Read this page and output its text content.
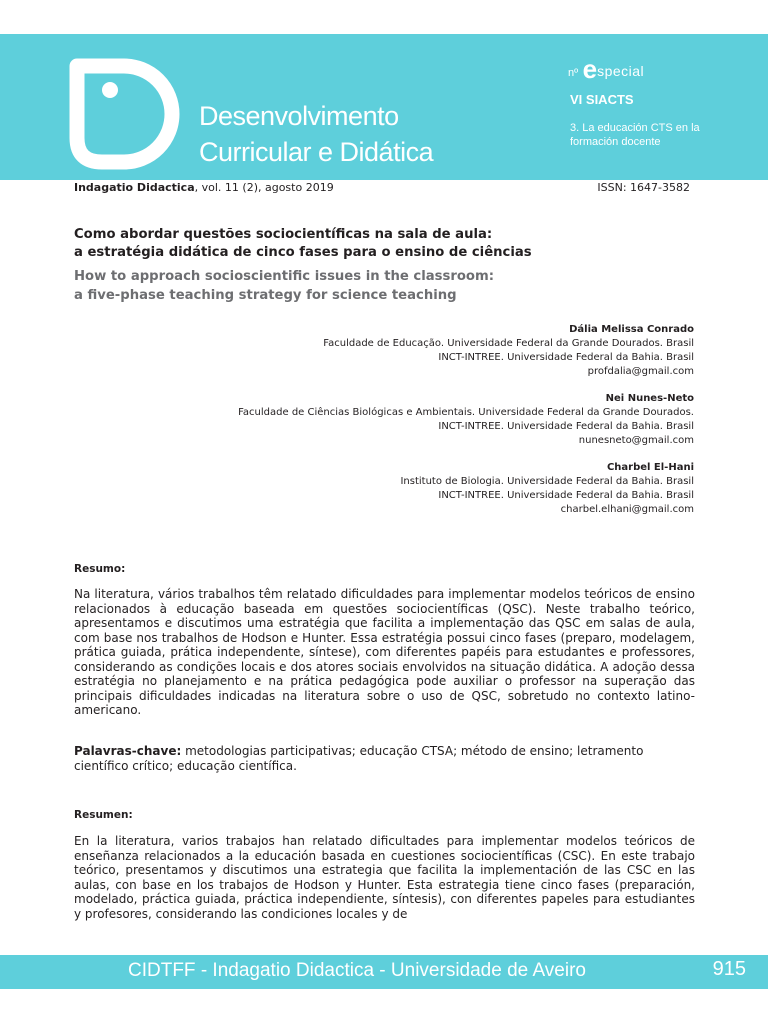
Desenvolvimento
Curricular e Didática
nº especial
VI SIACTS
3. La educación CTS en la formación docente
Indagatio Didactica, vol. 11 (2), agosto 2019	ISSN: 1647-3582
Como abordar questões sociocientíficas na sala de aula:
a estratégia didática de cinco fases para o ensino de ciências
How to approach socioscientific issues in the classroom:
a five-phase teaching strategy for science teaching
Dália Melissa Conrado
Faculdade de Educação. Universidade Federal da Grande Dourados. Brasil
INCT-INTREE. Universidade Federal da Bahia. Brasil
profdalia@gmail.com
Nei Nunes-Neto
Faculdade de Ciências Biológicas e Ambientais. Universidade Federal da Grande Dourados.
INCT-INTREE. Universidade Federal da Bahia. Brasil
nunesneto@gmail.com
Charbel El-Hani
Instituto de Biologia. Universidade Federal da Bahia. Brasil
INCT-INTREE. Universidade Federal da Bahia. Brasil
charbel.elhani@gmail.com
Resumo:

Na literatura, vários trabalhos têm relatado dificuldades para implementar modelos teóricos de ensino relacionados à educação baseada em questões sociocientíficas (QSC). Neste trabalho teórico, apresentamos e discutimos uma estratégia que facilita a implementação das QSC em salas de aula, com base nos trabalhos de Hodson e Hunter. Essa estratégia possui cinco fases (preparo, modelagem, prática guiada, prática independente, síntese), com diferentes papéis para estudantes e professores, considerando as condições locais e dos atores sociais envolvidos na situação didática. A adoção dessa estratégia no planejamento e na prática pedagógica pode auxiliar o professor na superação das principais dificuldades indicadas na literatura sobre o uso de QSC, sobretudo no contexto latino-americano.

Palavras-chave: metodologias participativas; educação CTSA; método de ensino; letramento científico crítico; educação científica.

Resumen:

En la literatura, varios trabajos han relatado dificultades para implementar modelos teóricos de enseñanza relacionados a la educación basada en cuestiones sociocientíficas (CSC). En este trabajo teórico, presentamos y discutimos una estrategia que facilita la implementación de las CSC en las aulas, con base en los trabajos de Hodson y Hunter. Esta estrategia tiene cinco fases (preparación, modelado, práctica guiada, práctica independiente, síntesis), con diferentes papeles para estudiantes y profesores, considerando las condiciones locales y de

CIDTFF - Indagatio Didactica - Universidade de Aveiro	915
